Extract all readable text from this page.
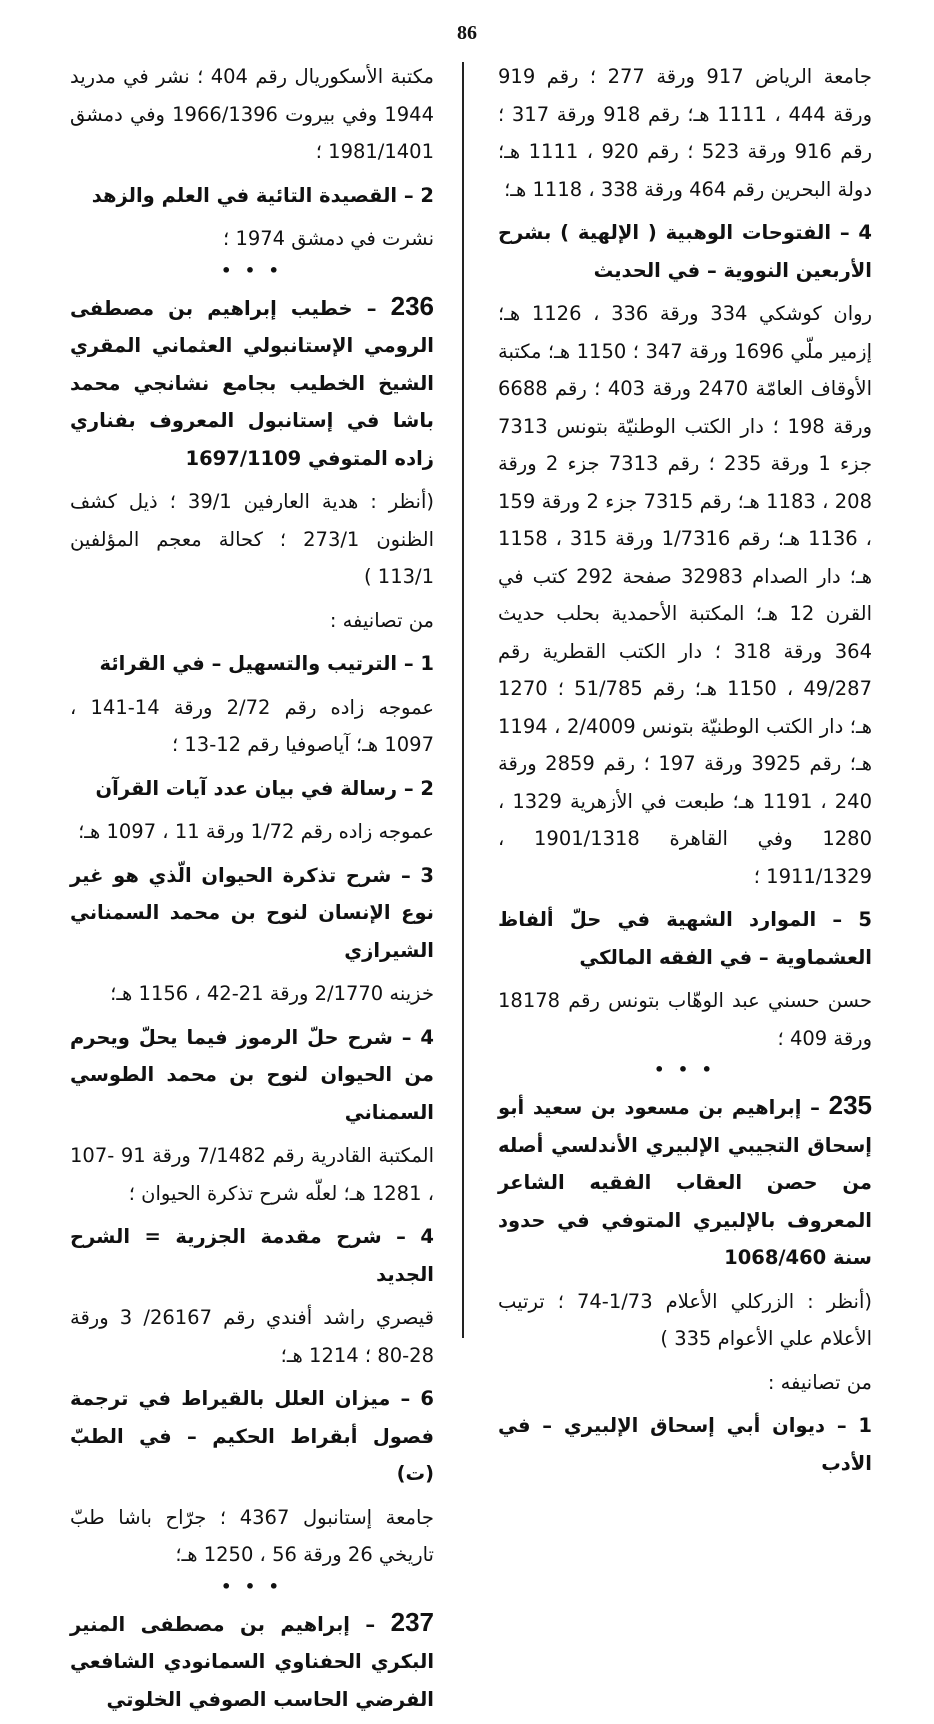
86

جامعة الرياض 917 ورقة 277 ؛ رقم 919 ورقة 444 ، 1111 هـ؛ رقم 918 ورقة 317 ؛ رقم 916 ورقة 523 ؛ رقم 920 ، 1111 هـ؛ دولة البحرين رقم 464 ورقة 338 ، 1118 هـ؛

4 – الفتوحات الوهبية ( الإلهية ) بشرح الأربعين النووية – في الحديث

روان كوشكي 334 ورقة 336 ، 1126 هـ؛ إزمير ملّي 1696 ورقة 347 ؛ 1150 هـ؛ مكتبة الأوقاف العامّة 2470 ورقة 403 ؛ رقم 6688 ورقة 198 ؛ دار الكتب الوطنيّة بتونس 7313 جزء 1 ورقة 235 ؛ رقم 7313 جزء 2 ورقة 208 ، 1183 هـ؛ رقم 7315 جزء 2 ورقة 159 ، 1136 هـ؛ رقم 1/7316 ورقة 315 ، 1158 هـ؛ دار الصدام 32983 صفحة 292 كتب في القرن 12 هـ؛ المكتبة الأحمدية بحلب حديث 364 ورقة 318 ؛ دار الكتب القطرية رقم 49/287 ، 1150 هـ؛ رقم 51/785 ؛ 1270 هـ؛ دار الكتب الوطنيّة بتونس 2/4009 ، 1194 هـ؛ رقم 3925 ورقة 197 ؛ رقم 2859 ورقة 240 ، 1191 هـ؛ طبعت في الأزهرية 1329 ، 1280 وفي القاهرة 1901/1318 ، 1911/1329 ؛

5 – الموارد الشهية في حلّ ألفاظ العشماوية – في الفقه المالكي

حسن حسني عبد الوهّاب بتونس رقم 18178 ورقة 409 ؛

• • •

235 – إبراهيم بن مسعود بن سعيد أبو إسحاق التجيبي الإلبيري الأندلسي أصله من حصن العقاب الفقيه الشاعر المعروف بالإلبيري المتوفي في حدود سنة 1068/460

(أنظر : الزركلي الأعلام 1/73-74 ؛ ترتيب الأعلام علي الأعوام 335 )

من تصانيفه :

1 – ديوان أبي إسحاق الإلبيري – في الأدب

مكتبة الأسكوريال رقم 404 ؛ نشر في مدريد 1944 وفي بيروت 1966/1396 وفي دمشق 1981/1401 ؛

2 – القصيدة التائية في العلم والزهد

نشرت في دمشق 1974 ؛

• • •

236 – خطيب إبراهيم بن مصطفى الرومي الإستانبولي العثماني المقري الشيخ الخطيب بجامع نشانجي محمد باشا في إستانبول المعروف بفناري زاده المتوفي 1697/1109

(أنظر : هدية العارفين 39/1 ؛ ذيل كشف الظنون 273/1 ؛ كحالة معجم المؤلفين 113/1 )

من تصانيفه :

1 – الترتيب والتسهيل – في القرائة

عموجه زاده رقم 2/72 ورقة 14-141 ، 1097 هـ؛ آياصوفيا رقم 12-13 ؛

2 – رسالة في بيان عدد آيات القرآن

عموجه زاده رقم 1/72 ورقة 11 ، 1097 هـ؛

3 – شرح تذكرة الحيوان الّذي هو غير نوع الإنسان لنوح بن محمد السمناني الشيرازي

خزينه 2/1770 ورقة 21-42 ، 1156 هـ؛

4 – شرح حلّ الرموز فيما يحلّ ويحرم من الحيوان لنوح بن محمد الطوسي السمناني

المكتبة القادرية رقم 7/1482 ورقة 91 -107 ، 1281 هـ؛ لعلّه شرح تذكرة الحيوان ؛

4 – شرح مقدمة الجزرية = الشرح الجديد

قيصري راشد أفندي رقم 26167/ 3 ورقة 28-80 ؛ 1214 هـ؛

6 – ميزان العلل بالقيراط في ترجمة فصول أبقراط الحكيم – في الطبّ (ت)

جامعة إستانبول 4367 ؛ جرّاح باشا طبّ تاريخي 26 ورقة 56 ، 1250 هـ؛

• • •

237 – إبراهيم بن مصطفى المنير البكري الحفناوي السمانودي الشافعي الفرضي الحاسب الصوفي الخلوتي
